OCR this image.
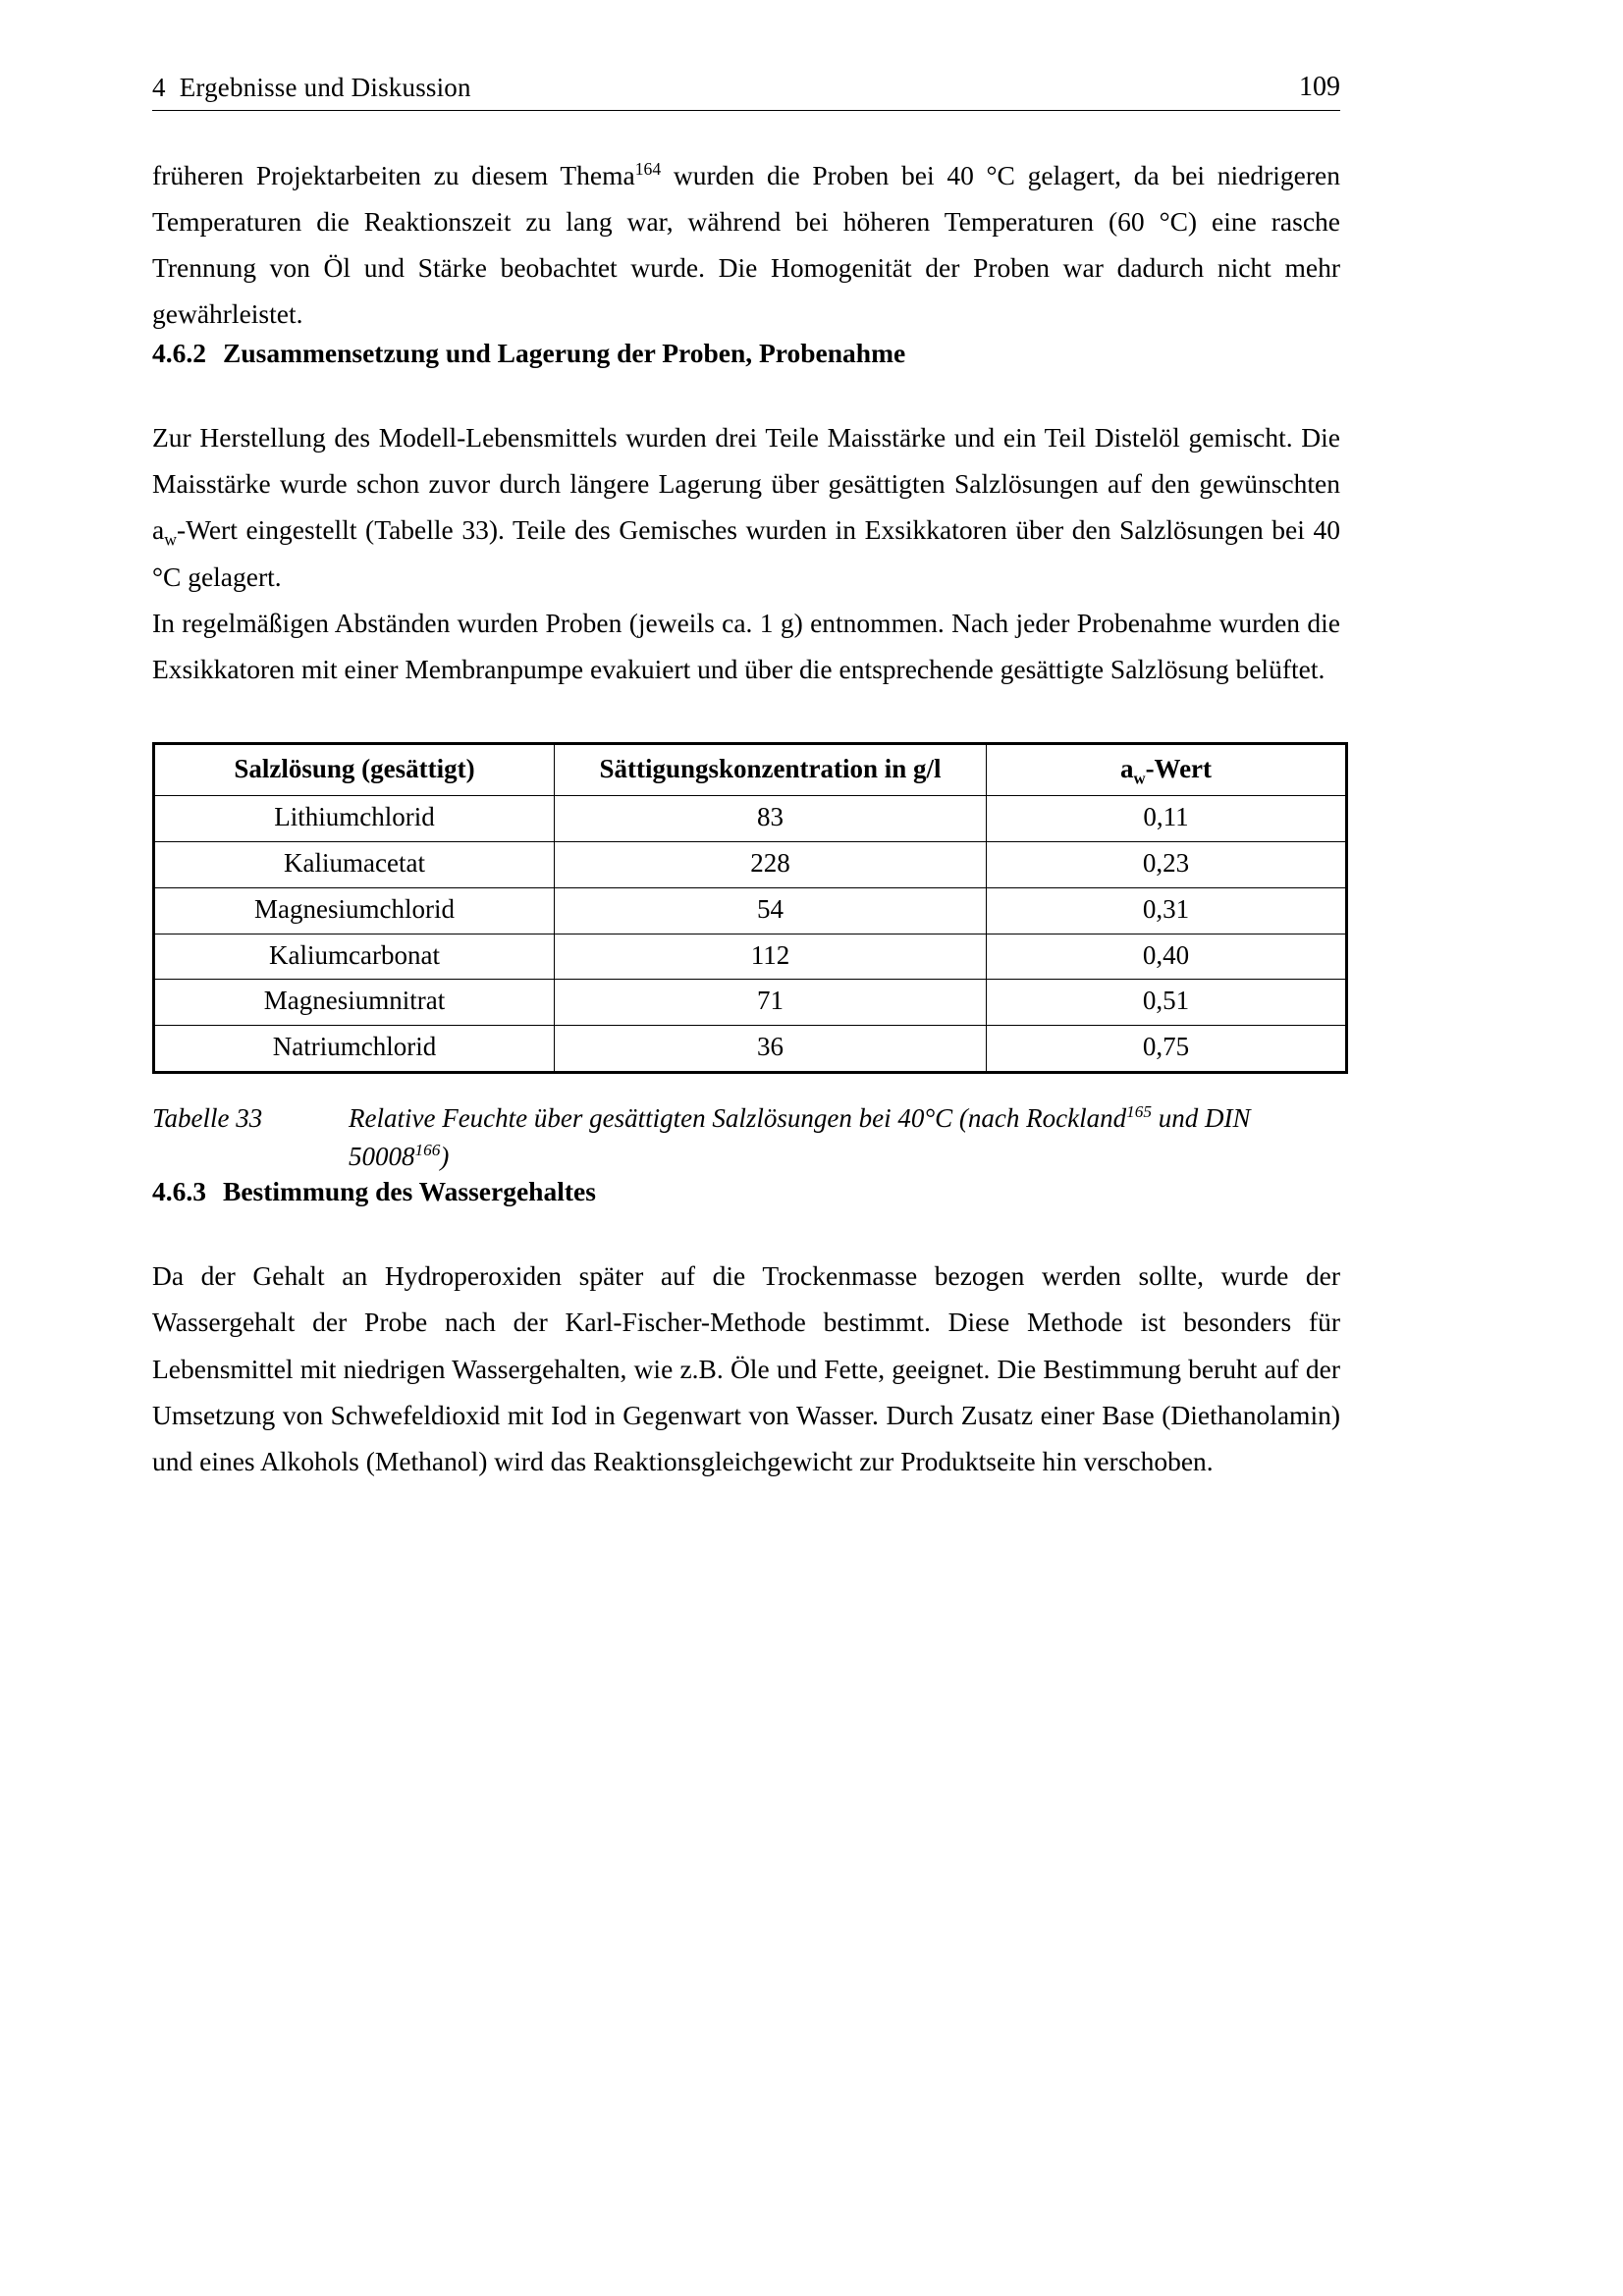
4 Ergebnisse und Diskussion	109

früheren Projektarbeiten zu diesem Thema$^{164}$ wurden die Proben bei 40 °C gelagert, da bei niedrigeren Temperaturen die Reaktionszeit zu lang war, während bei höheren Temperaturen (60 °C) eine rasche Trennung von Öl und Stärke beobachtet wurde. Die Homogenität der Proben war dadurch nicht mehr gewährleistet.

4.6.2 Zusammensetzung und Lagerung der Proben, Probenahme

Zur Herstellung des Modell-Lebensmittels wurden drei Teile Maisstärke und ein Teil Distelöl gemischt. Die Maisstärke wurde schon zuvor durch längere Lagerung über gesättigten Salzlösungen auf den gewünschten $a_w$-Wert eingestellt (Tabelle 33). Teile des Gemisches wurden in Exsikkatoren über den Salzlösungen bei 40 °C gelagert.

In regelmäßigen Abständen wurden Proben (jeweils ca. 1 g) entnommen. Nach jeder Probenahme wurden die Exsikkatoren mit einer Membranpumpe evakuiert und über die entsprechende gesättigte Salzlösung belüftet.

Salzlösung (gesättigt)	Sättigungskonzentration in g/l	$a_w$-Wert
Lithiumchlorid	83	0,11
Kaliumacetat	228	0,23
Magnesiumchlorid	54	0,31
Kaliumcarbonat	112	0,40
Magnesiumnitrat	71	0,51
Natriumchlorid	36	0,75
Tabelle 33	Relative Feuchte über gesättigten Salzlösungen bei 40°C (nach Rockland$^{165}$ und DIN 50008$^{166}$)
4.6.3 Bestimmung des Wassergehaltes

Da der Gehalt an Hydroperoxiden später auf die Trockenmasse bezogen werden sollte, wurde der Wassergehalt der Probe nach der Karl-Fischer-Methode bestimmt. Diese Methode ist besonders für Lebensmittel mit niedrigen Wassergehalten, wie z.B. Öle und Fette, geeignet. Die Bestimmung beruht auf der Umsetzung von Schwefeldioxid mit Iod in Gegenwart von Wasser. Durch Zusatz einer Base (Diethanolamin) und eines Alkohols (Methanol) wird das Reaktionsgleichgewicht zur Produktseite hin verschoben.
